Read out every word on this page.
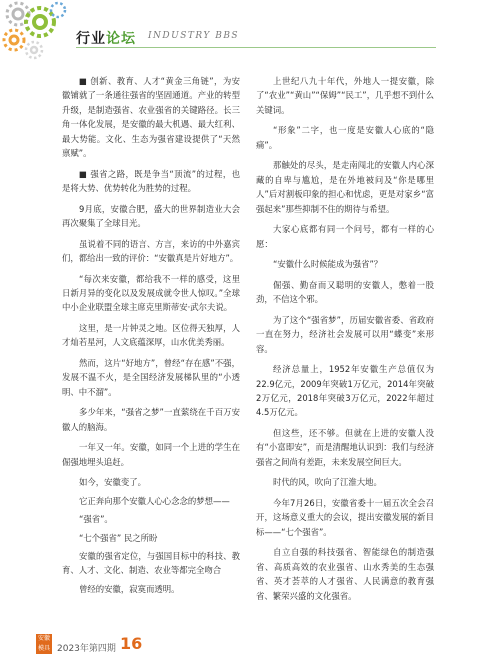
行业论坛 INDUSTRY BBS

■ 创新、教育、人才“黄金三角链”，为安徽铺就了一条通往强省的坚固通道。产业的转型升级，是制造强省、农业强省的关键路径。长三角一体化发展，是安徽的最大机遇、最大红利、最大势能。文化、生态为强省建设提供了“天然禀赋”。

■ 强省之路，既是争当“顶流”的过程，也是将大势、优势转化为胜势的过程。

9月底，安徽合肥，盛大的世界制造业大会再次聚集了全球目光。

虽说着不同的语言、方言，来访的中外嘉宾们，都给出一致的评价：“安徽真是片好地方”。

“每次来安徽，都给我不一样的感受，这里日新月异的变化以及发展成就令世人惊叹。”全球中小企业联盟全球主席克里斯蒂安·武尔夫说。

这里，是一片钟灵之地。区位得天独厚，人才灿若星河，人文底蕴深厚，山水优美秀丽。

然而，这片“好地方”，曾经“存在感”不强，发展不温不火，是全国经济发展梯队里的“小透明、中不溜”。

多少年来，“强省之梦”一直萦绕在千百万安徽人的脑海。

一年又一年。安徽，如同一个上进的学生在倔强地埋头追赶。

如今，安徽变了。

它正奔向那个安徽人心心念念的梦想——

“强省”。

“七个强省” 民之所盼

安徽的强省定位，与强国目标中的科技、教育、人才、文化、制造、农业等都完全吻合

曾经的安徽，寂寞而透明。

上世纪八九十年代，外地人一提安徽，除了“农业”“黄山”“保姆”“民工”，几乎想不到什么关键词。

“形象”二字，也一度是安徽人心底的“隐痛”。

那触处的尽头，是走南闯北的安徽人内心深藏的自卑与尴尬，是在外地被问及“你是哪里人”后对割板印象的担心和忧虑，更是对家乡“富强起来”那些抑制不住的期待与希望。

大家心底都有同一个问号，都有一样的心愿：

“安徽什么时候能成为强省”？

倔强、勤奋而又聪明的安徽人，憋着一股劲，不信这个邪。

为了这个“强省梦”，历届安徽省委、省政府一直在努力，经济社会发展可以用“蝶变”来形容。

经济总量上，1952年安徽生产总值仅为22.9亿元，2009年突破1万亿元，2014年突破2万亿元，2018年突破3万亿元，2022年超过4.5万亿元。

但这些，还不够。但就在上进的安徽人没有“小富即安”，而是清醒地认识到：我们与经济强省之间尚有差距，未来发展空间巨大。

时代的风，吹向了江淮大地。

今年7月26日，安徽省委十一届五次全会召开，这场意义重大的会议，提出安徽发展的新目标——“七个强省”。

自立自强的科技强省、智能绿色的制造强省、高质高效的农业强省、山水秀美的生态强省、英才荟萃的人才强省、人民满意的教育强省、繁荣兴盛的文化强省。

安徽模具 2023年第四期 16
